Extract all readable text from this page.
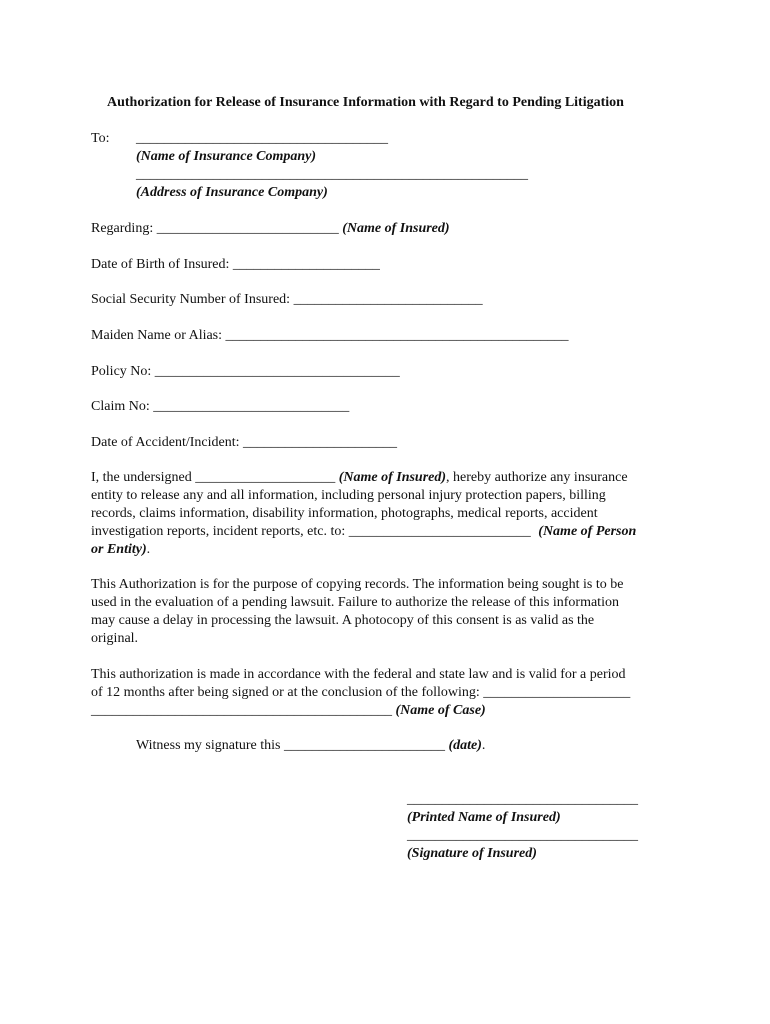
Authorization for Release of Insurance Information with Regard to Pending Litigation
To: ____________________________________
(Name of Insurance Company)
________________________________________________________
(Address of Insurance Company)
Regarding: __________________________ (Name of Insured)
Date of Birth of Insured: _____________________
Social Security Number of Insured: ___________________________
Maiden Name or Alias: _________________________________________________
Policy No: ___________________________________
Claim No: ____________________________
Date of Accident/Incident: ______________________
I, the undersigned ____________________ (Name of Insured), hereby authorize any insurance
entity to release any and all information, including personal injury protection papers, billing
records, claims information, disability information, photographs, medical reports, accident
investigation reports, incident reports, etc. to: __________________________ (Name of Person
or Entity).
This Authorization is for the purpose of copying records. The information being sought is to be
used in the evaluation of a pending lawsuit. Failure to authorize the release of this information
may cause a delay in processing the lawsuit. A photocopy of this consent is as valid as the
original.
This authorization is made in accordance with the federal and state law and is valid for a period
of 12 months after being signed or at the conclusion of the following: _____________________
___________________________________________ (Name of Case)
Witness my signature this _______________________ (date).
_________________________________
(Printed Name of Insured)
_________________________________
(Signature of Insured)
